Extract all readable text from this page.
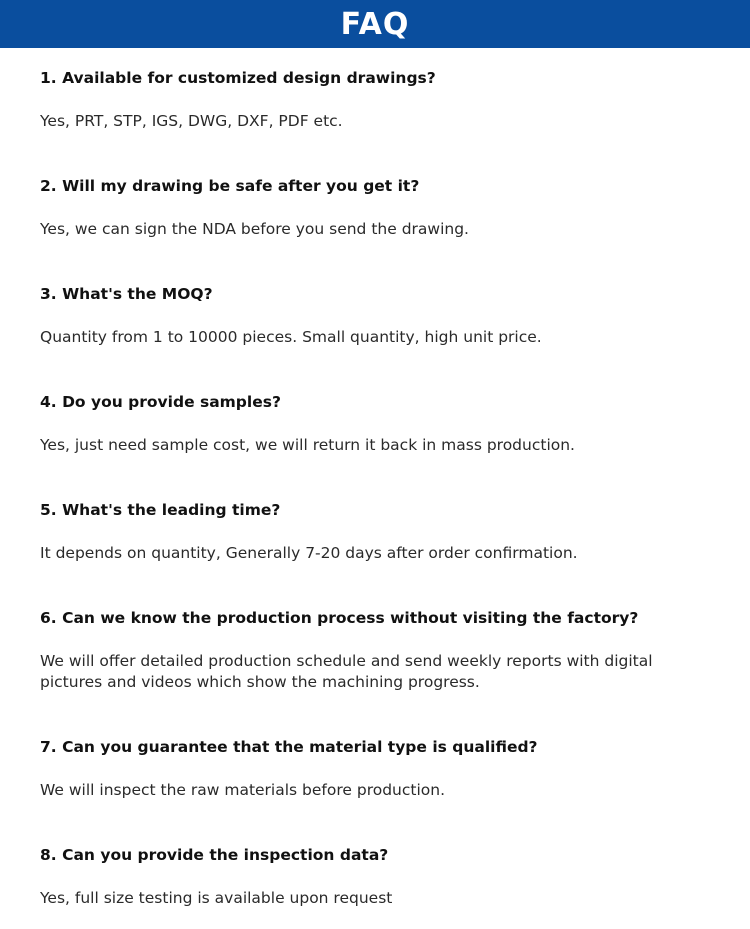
FAQ
1. Available for customized design drawings?
Yes, PRT, STP, IGS, DWG, DXF, PDF etc.
2. Will my drawing be safe after you get it?
Yes, we can sign the NDA before you send the drawing.
3. What's the MOQ?
Quantity from 1 to 10000 pieces. Small quantity, high unit price.
4. Do you provide samples?
Yes, just need sample cost, we will return it back in mass production.
5. What's the leading time?
It depends on quantity, Generally 7-20 days after order confirmation.
6. Can we know the production process without visiting the factory?
We will offer detailed production schedule and send weekly reports with digital pictures and videos which show the machining progress.
7. Can you guarantee that the material type is qualified?
We will inspect the raw materials before production.
8. Can you provide the inspection data?
Yes, full size testing is available upon request
